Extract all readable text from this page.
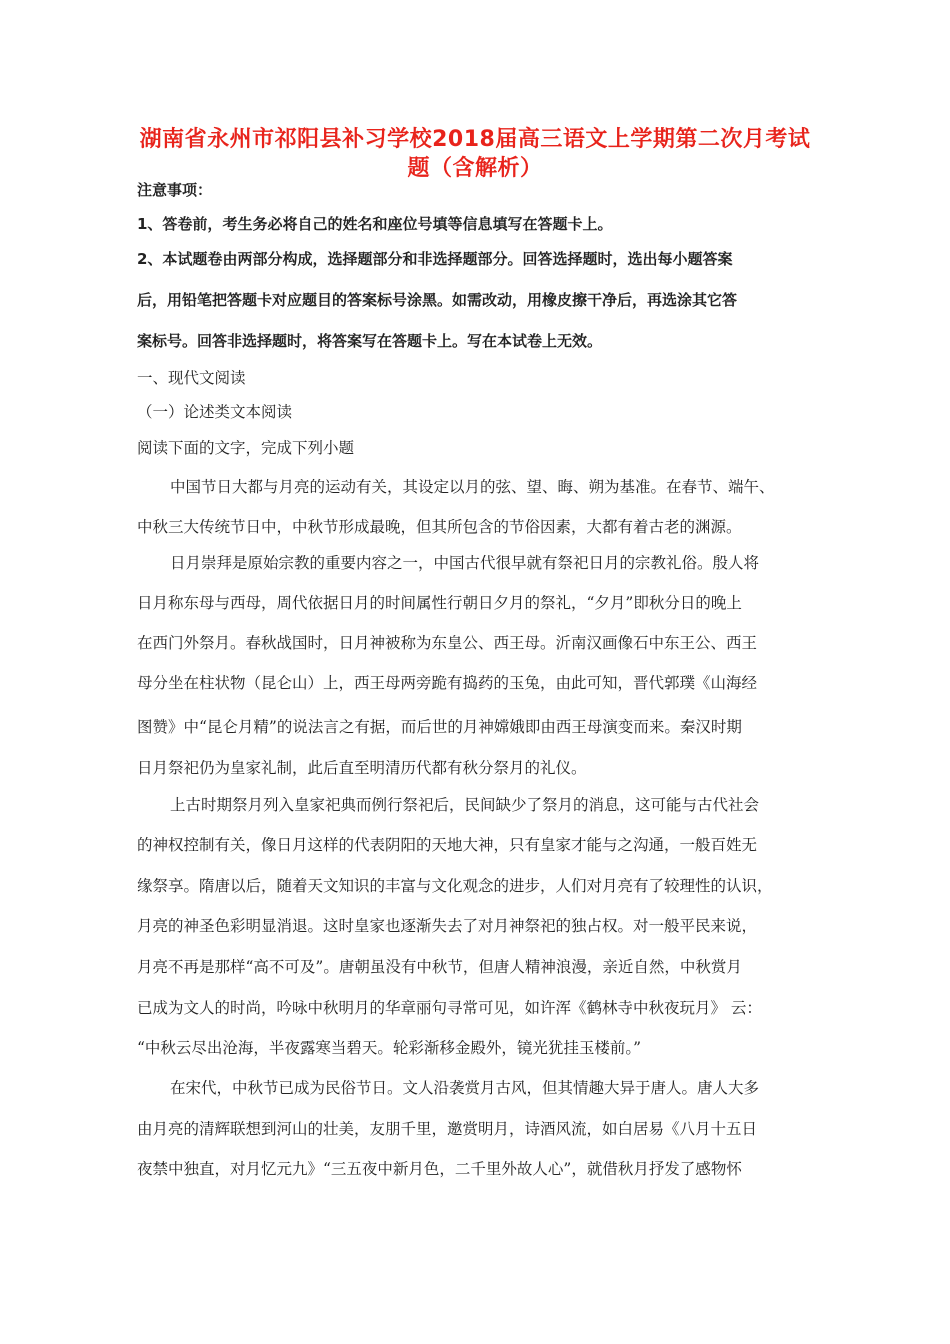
湖南省永州市祁阳县补习学校2018届高三语文上学期第二次月考试
题（含解析）

注意事项：

1、答卷前，考生务必将自己的姓名和座位号填等信息填写在答题卡上。

2、本试题卷由两部分构成，选择题部分和非选择题部分。回答选择题时，选出每小题答案

后，用铅笔把答题卡对应题目的答案标号涂黑。如需改动，用橡皮擦干净后，再选涂其它答

案标号。回答非选择题时，将答案写在答题卡上。写在本试卷上无效。

一、现代文阅读

（一）论述类文本阅读

阅读下面的文字，完成下列小题

中国节日大都与月亮的运动有关，其设定以月的弦、望、晦、朔为基准。在春节、端午、

中秋三大传统节日中，中秋节形成最晚，但其所包含的节俗因素，大都有着古老的渊源。

日月崇拜是原始宗教的重要内容之一，中国古代很早就有祭祀日月的宗教礼俗。殷人将

日月称东母与西母，周代依据日月的时间属性行朝日夕月的祭礼，“夕月”即秋分日的晚上

在西门外祭月。春秋战国时，日月神被称为东皇公、西王母。沂南汉画像石中东王公、西王

母分坐在柱状物（昆仑山）上，西王母两旁跪有捣药的玉兔，由此可知，晋代郭璞《山海经

图赞》中“昆仑月精”的说法言之有据，而后世的月神嫦娥即由西王母演变而来。秦汉时期

日月祭祀仍为皇家礼制，此后直至明清历代都有秋分祭月的礼仪。

上古时期祭月列入皇家祀典而例行祭祀后，民间缺少了祭月的消息，这可能与古代社会

的神权控制有关，像日月这样的代表阴阳的天地大神，只有皇家才能与之沟通，一般百姓无

缘祭享。隋唐以后，随着天文知识的丰富与文化观念的进步，人们对月亮有了较理性的认识，

月亮的神圣色彩明显消退。这时皇家也逐渐失去了对月神祭祀的独占权。对一般平民来说，

月亮不再是那样“高不可及”。唐朝虽没有中秋节，但唐人精神浪漫，亲近自然，中秋赏月

已成为文人的时尚，吟咏中秋明月的华章丽句寻常可见，如许浑《鹤林寺中秋夜玩月》 云：

“中秋云尽出沧海，半夜露寒当碧天。轮彩渐移金殿外，镜光犹挂玉楼前。”

在宋代，中秋节已成为民俗节日。文人沿袭赏月古风，但其情趣大异于唐人。唐人大多

由月亮的清辉联想到河山的壮美，友朋千里，邀赏明月，诗酒风流，如白居易《八月十五日

夜禁中独直，对月忆元九》“三五夜中新月色，二千里外故人心”，就借秋月抒发了感物怀
